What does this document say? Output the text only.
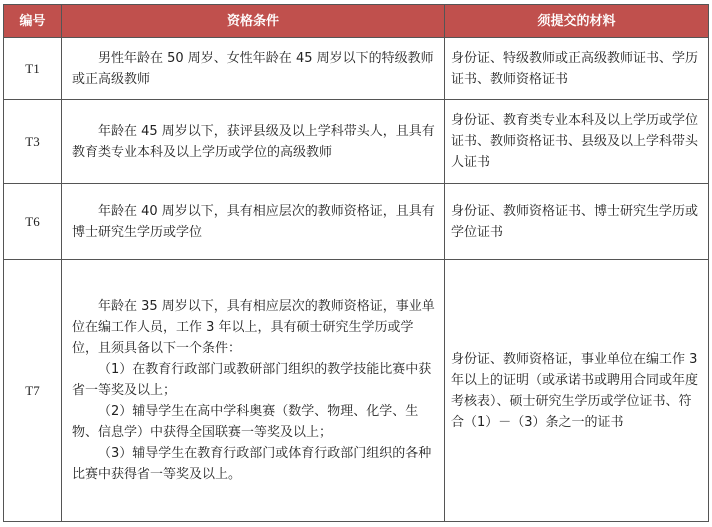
编号	资格条件	须提交的材料
T1	男性年龄在 50 周岁、女性年龄在 45 周岁以下的特级教师或正高级教师	身份证、特级教师或正高级教师证书、学历证书、教师资格证书
T3	年龄在 45 周岁以下，获评县级及以上学科带头人，且具有教育类专业本科及以上学历或学位的高级教师	身份证、教育类专业本科及以上学历或学位证书、教师资格证书、县级及以上学科带头人证书
T6	年龄在 40 周岁以下，具有相应层次的教师资格证，且具有博士研究生学历或学位	身份证、教师资格证书、博士研究生学历或学位证书
T7	年龄在 35 周岁以下，具有相应层次的教师资格证，事业单位在编工作人员，工作 3 年以上，具有硕士研究生学历或学位，且须具备以下一个条件：
（1）在教育行政部门或教研部门组织的教学技能比赛中获省一等奖及以上；
（2）辅导学生在高中学科奥赛（数学、物理、化学、生物、信息学）中获得全国联赛一等奖及以上；
（3）辅导学生在教育行政部门或体育行政部门组织的各种比赛中获得省一等奖及以上。	身份证、教师资格证，事业单位在编工作 3 年以上的证明（或承诺书或聘用合同或年度考核表）、硕士研究生学历或学位证书、符合（1）－（3）条之一的证书
